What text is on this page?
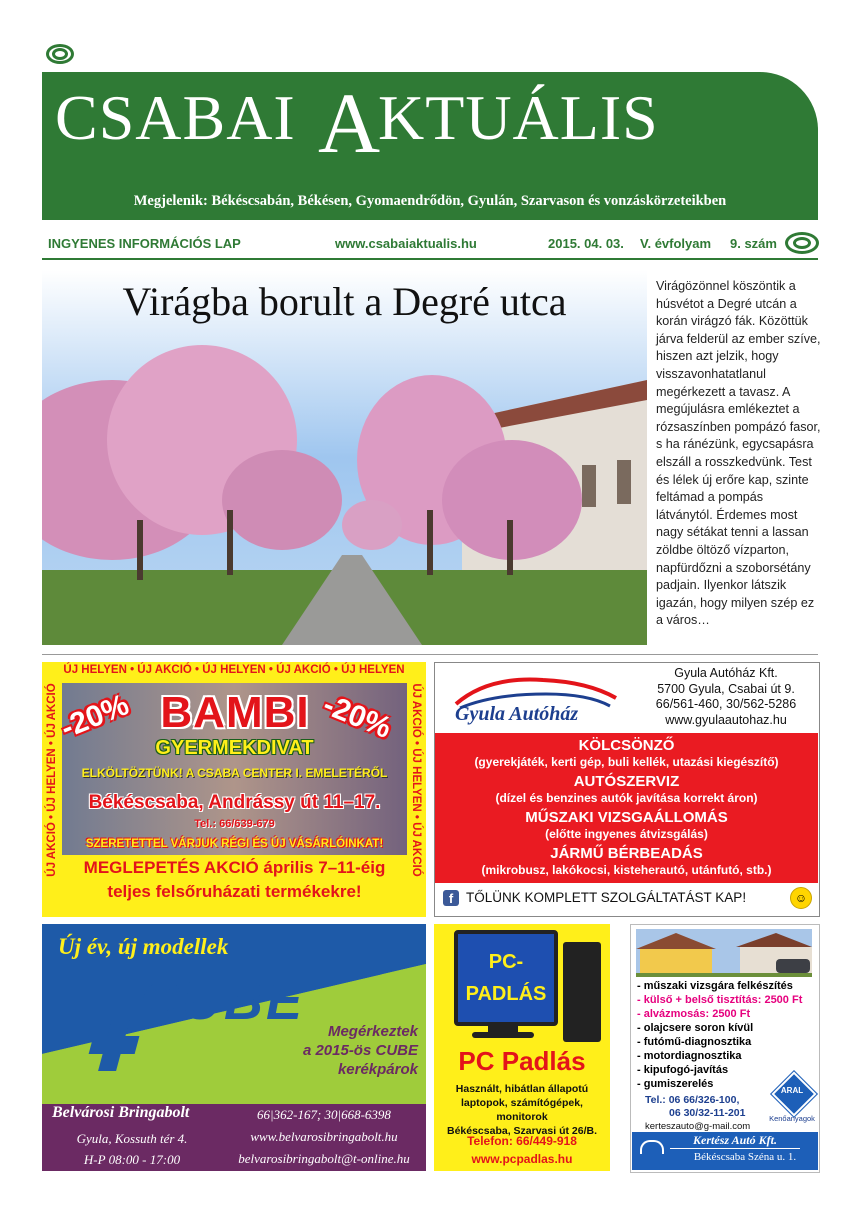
CSABAI A
KTUÁLIS
Megjelenik: Békéscsabán, Békésen, Gyomaendrődön, Gyulán, Szarvason és vonzáskörzeteikben
INGYENES INFORMÁCIÓS LAP	www.csabaiaktualis.hu	2015. 04. 03. V. évfolyam 9. szám
Virágba borult a Degré utca	Virágözönnel köszöntik a húsvétot a Degré utcán a korán virágzó fák. Közöttük járva felderül az ember szíve, hiszen azt jelzik, hogy visszavonhatatlanul megérkezett a tavasz. A megújulásra emlékeztet a rózsaszínben pompázó fasor, s ha ránézünk, egycsapásra elszáll a rosszkedvünk. Test és lélek új erőre kap, szinte feltámad a pompás látványtól. Érdemes most nagy sétákat tenni a lassan zöldbe öltöző vízparton, napfürdőzni a szoborsétány padjain. Ilyenkor látszik igazán, hogy milyen szép ez a város…
ÚJ HELYEN • ÚJ AKCIÓ • ÚJ HELYEN • ÚJ AKCIÓ • ÚJ HELYEN
ÚJ AKCIÓ • ÚJ HELYEN • ÚJ AKCIÓ	ÚJ AKCIÓ • ÚJ HELYEN • ÚJ AKCIÓ
-20%	-20%
BAMBI
GYERMEKDIVAT
ELKÖLTÖZTÜNK! A CSABA CENTER I. EMELETÉRŐL
Békéscsaba, Andrássy út 11–17.
Tel.: 66/639-679
SZERETETTEL VÁRJUK RÉGI ÉS ÚJ VÁSÁRLÓINKAT!
MEGLEPETÉS AKCIÓ április 7–11-éig
teljes felsőruházati termékekre!
Gyula Autóház
Gyula Autóház Kft.
5700 Gyula, Csabai út 9.
66/561-460, 30/562-5286
www.gyulaautohaz.hu
KÖLCSÖNZŐ
(gyerekjáték, kerti gép, buli kellék, utazási kiegészítő)
AUTÓSZERVIZ
(dízel és benzines autók javítása korrekt áron)
MŰSZAKI VIZSGAÁLLOMÁS
(előtte ingyenes átvizsgálás)
JÁRMŰ BÉRBEADÁS
(mikrobusz, lakókocsi, kisteherautó, utánfutó, stb.)
f TŐLÜNK KOMPLETT SZOLGÁLTATÁST KAP!	☺
Új év, új modellek
CUBE
Megérkeztek
a 2015-ös CUBE
kerékpárok
Belvárosi Bringabolt
Gyula, Kossuth tér 4.
H-P 08:00 - 17:00
66|362-167; 30|668-6398
www.belvarosibringabolt.hu
belvarosibringabolt@t-online.hu
PC-
PADLÁS
PC Padlás
Használt, hibátlan állapotú
laptopok, számítógépek, monitorok
Békéscsaba, Szarvasi út 26/B.
Telefon: 66/449-918
www.pcpadlas.hu
- műszaki vizsgára felkészítés
- külső + belső tisztítás: 2500 Ft
- alvázmosás: 2500 Ft
- olajcsere soron kívül
- futómű-diagnosztika
- motordiagnosztika
- kipufogó-javítás
- gumiszerelés
Tel.: 06 66/326-100,
06 30/32-11-201
kerteszauto@g-mail.com
ARAL
Kenőanyagok
Kertész Autó Kft.
Békéscsaba Széna u. 1.
